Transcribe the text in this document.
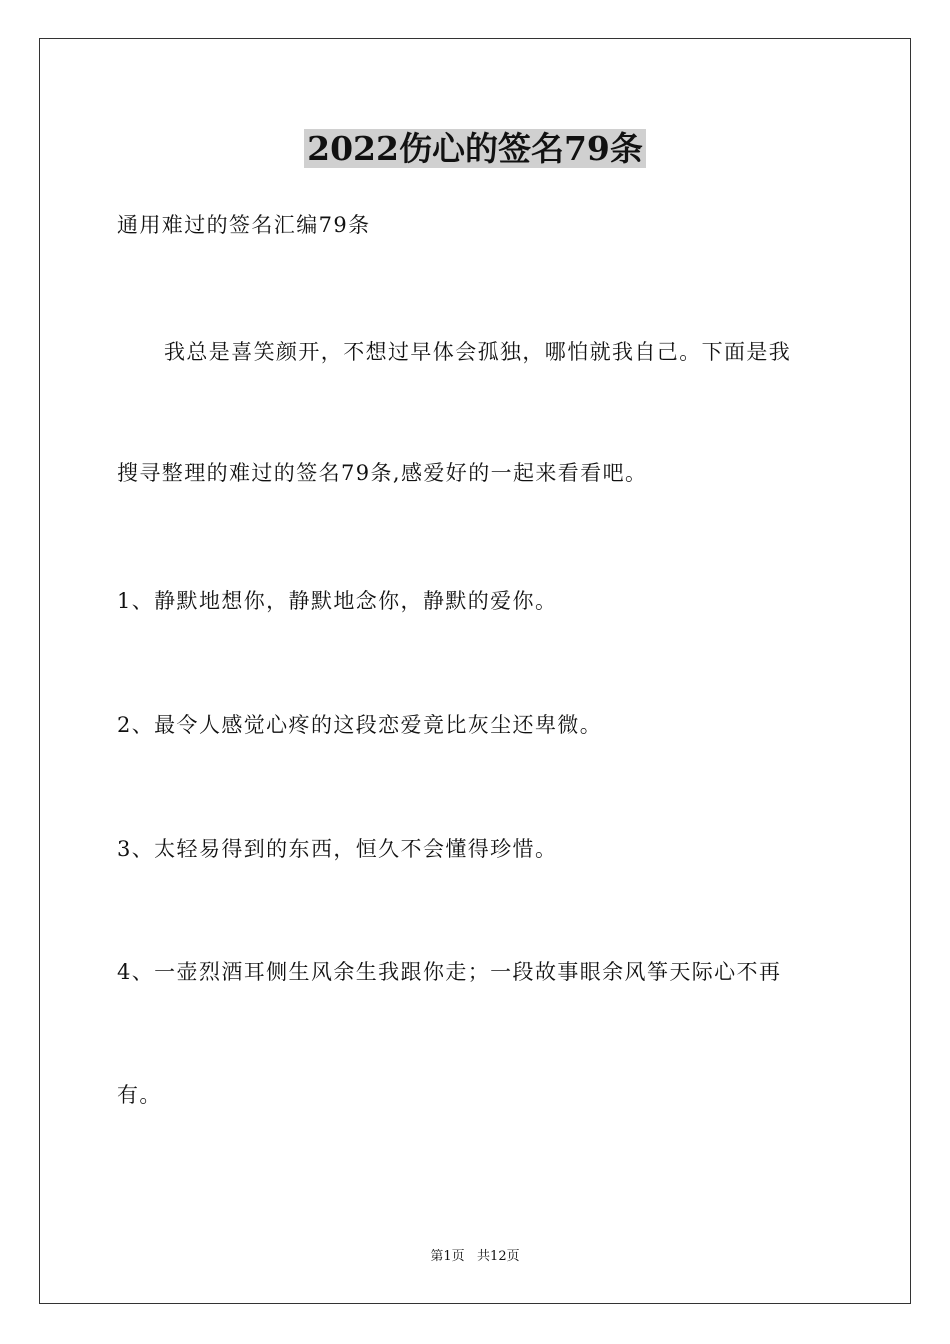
2022伤心的签名79条
通用难过的签名汇编79条
我总是喜笑颜开，不想过早体会孤独，哪怕就我自己。下面是我
搜寻整理的难过的签名79条,感爱好的一起来看看吧。
1、静默地想你，静默地念你，静默的爱你。
2、最令人感觉心疼的这段恋爱竟比灰尘还卑微。
3、太轻易得到的东西，恒久不会懂得珍惜。
4、一壶烈酒耳侧生风余生我跟你走；一段故事眼余风筝天际心不再
有。
第1页   共12页
